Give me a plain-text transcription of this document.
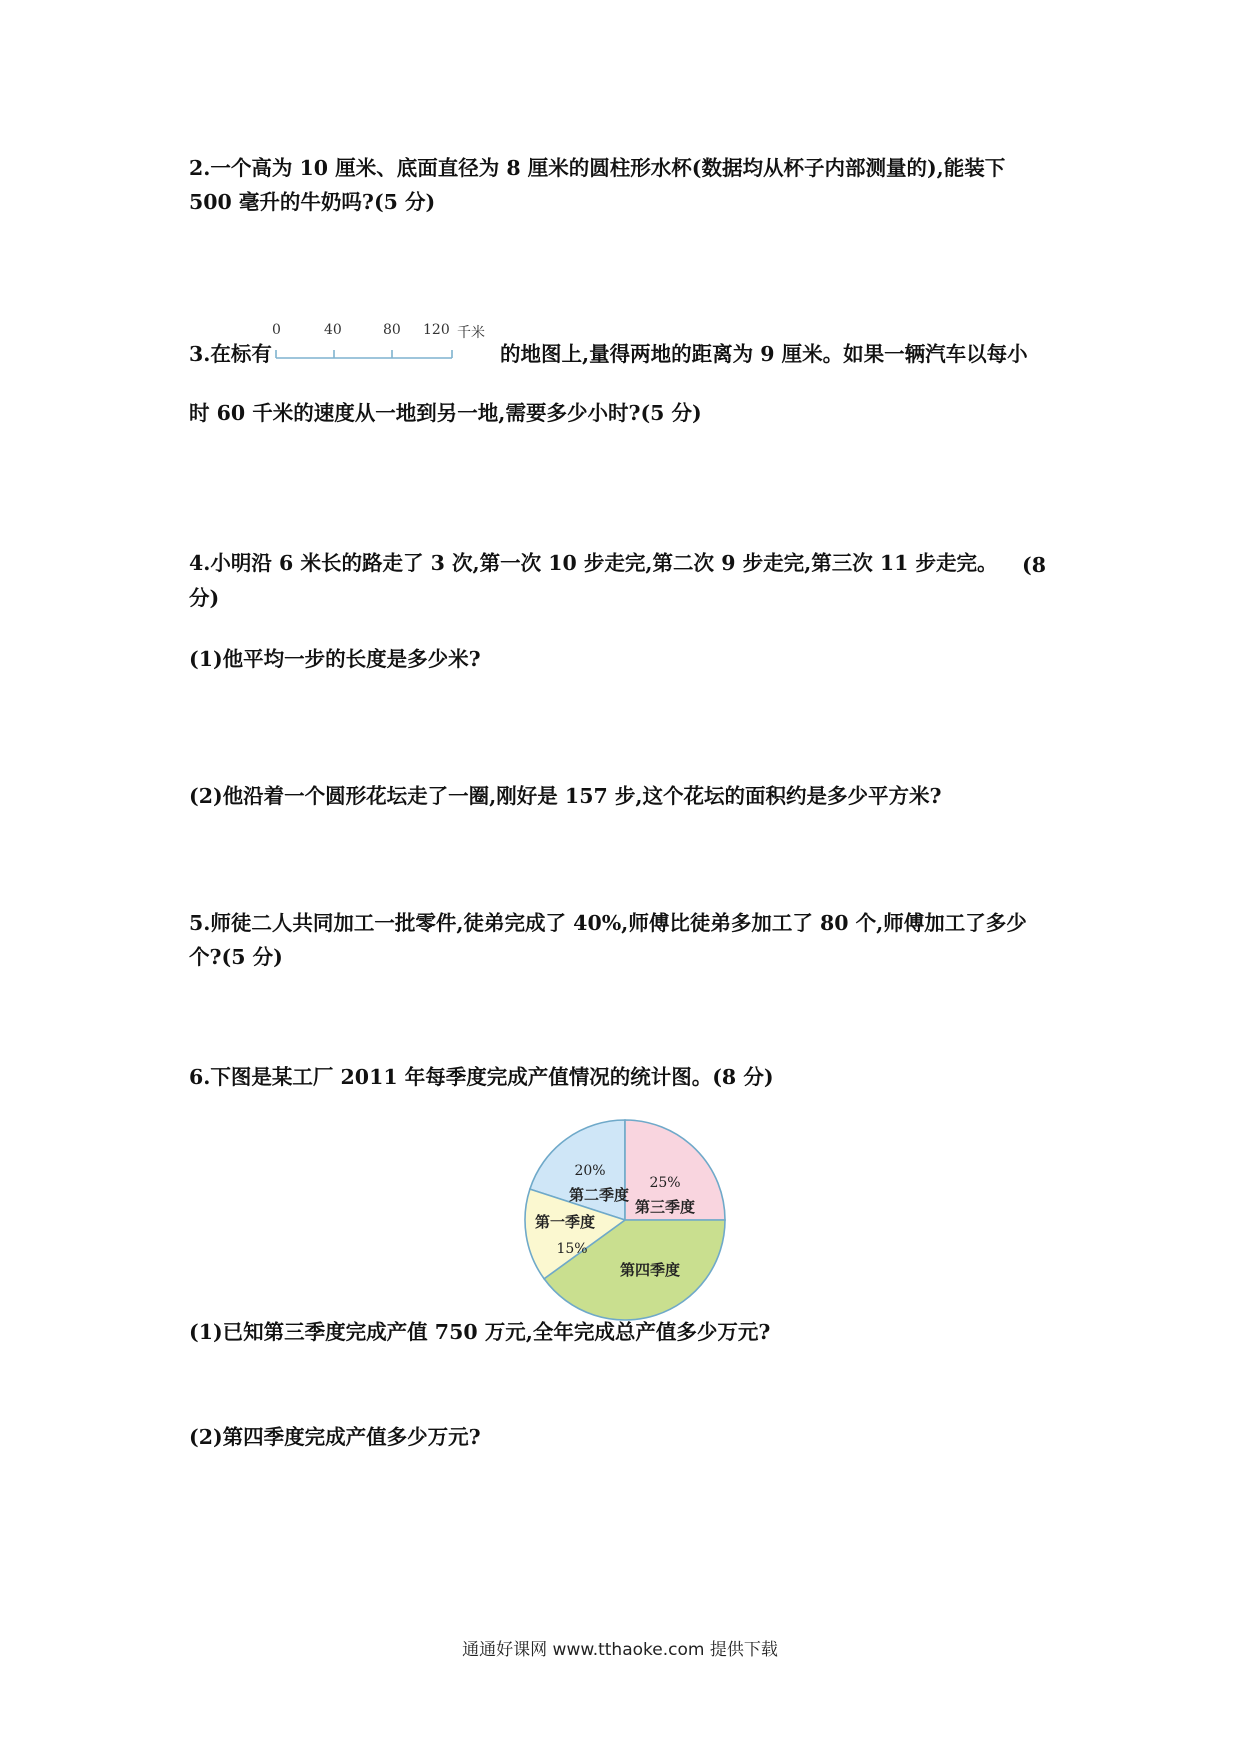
2.一个高为 10 厘米、底面直径为 8 厘米的圆柱形水杯(数据均从杯子内部测量的),能装下

500 毫升的牛奶吗?(5 分)

3.在标有

0	40	80 120 千米

的地图上,量得两地的距离为 9 厘米。如果一辆汽车以每小

时 60 千米的速度从一地到另一地,需要多少小时?(5 分)

4.小明沿 6 米长的路走了 3 次,第一次 10 步走完,第二次 9 步走完,第三次 11 步走完。 (8

分)

(1)他平均一步的长度是多少米?

(2)他沿着一个圆形花坛走了一圈,刚好是 157 步,这个花坛的面积约是多少平方米?

5.师徒二人共同加工一批零件,徒弟完成了 40%,师傅比徒弟多加工了 80 个,师傅加工了多少

个?(5 分)

6.下图是某工厂 2011 年每季度完成产值情况的统计图。(8 分)

第二季度
20%
第三季度
25%
第四季度
第一季度
15%

(1)已知第三季度完成产值 750 万元,全年完成总产值多少万元?

(2)第四季度完成产值多少万元?

通通好课网 www.tthaoke.com 提供下载
